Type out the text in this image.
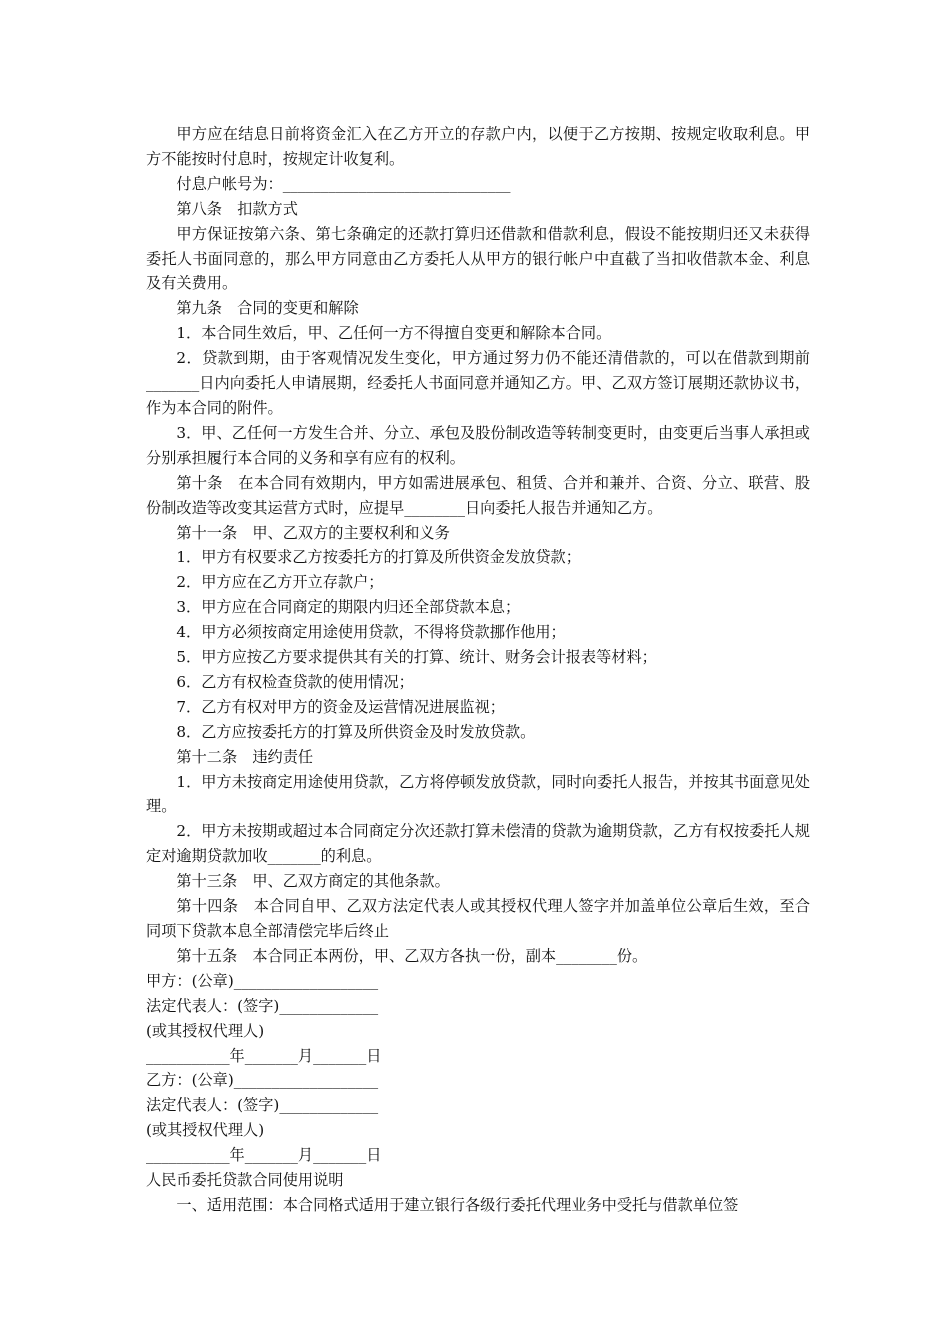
甲方应在结息日前将资金汇入在乙方开立的存款户内，以便于乙方按期、按规定收取利息。甲方不能按时付息时，按规定计收复利。

付息户帐号为：______________________________

第八条　扣款方式

甲方保证按第六条、第七条确定的还款打算归还借款和借款利息，假设不能按期归还又未获得委托人书面同意的，那么甲方同意由乙方委托人从甲方的银行帐户中直截了当扣收借款本金、利息及有关费用。

第九条　合同的变更和解除

1．本合同生效后，甲、乙任何一方不得擅自变更和解除本合同。

2．贷款到期，由于客观情况发生变化，甲方通过努力仍不能还清借款的，可以在借款到期前_______日内向委托人申请展期，经委托人书面同意并通知乙方。甲、乙双方签订展期还款协议书，作为本合同的附件。

3．甲、乙任何一方发生合并、分立、承包及股份制改造等转制变更时，由变更后当事人承担或分别承担履行本合同的义务和享有应有的权利。

第十条　在本合同有效期内，甲方如需进展承包、租赁、合并和兼并、合资、分立、联营、股份制改造等改变其运营方式时，应提早________日向委托人报告并通知乙方。

第十一条　甲、乙双方的主要权利和义务

1．甲方有权要求乙方按委托方的打算及所供资金发放贷款；

2．甲方应在乙方开立存款户；

3．甲方应在合同商定的期限内归还全部贷款本息；

4．甲方必须按商定用途使用贷款，不得将贷款挪作他用；

5．甲方应按乙方要求提供其有关的打算、统计、财务会计报表等材料；

6．乙方有权检查贷款的使用情况；

7．乙方有权对甲方的资金及运营情况进展监视；

8．乙方应按委托方的打算及所供资金及时发放贷款。

第十二条　违约责任

1．甲方未按商定用途使用贷款，乙方将停顿发放贷款，同时向委托人报告，并按其书面意见处理。

2．甲方未按期或超过本合同商定分次还款打算未偿清的贷款为逾期贷款，乙方有权按委托人规定对逾期贷款加收_______的利息。

第十三条　甲、乙双方商定的其他条款。

第十四条　本合同自甲、乙双方法定代表人或其授权代理人签字并加盖单位公章后生效，至合同项下贷款本息全部清偿完毕后终止

第十五条　本合同正本两份，甲、乙双方各执一份，副本________份。

甲方：(公章)___________________

法定代表人：(签字)_____________

(或其授权代理人)

___________年_______月_______日

乙方：(公章)___________________

法定代表人：(签字)_____________

(或其授权代理人)

___________年_______月_______日

人民币委托贷款合同使用说明

一、适用范围：本合同格式适用于建立银行各级行委托代理业务中受托与借款单位签
